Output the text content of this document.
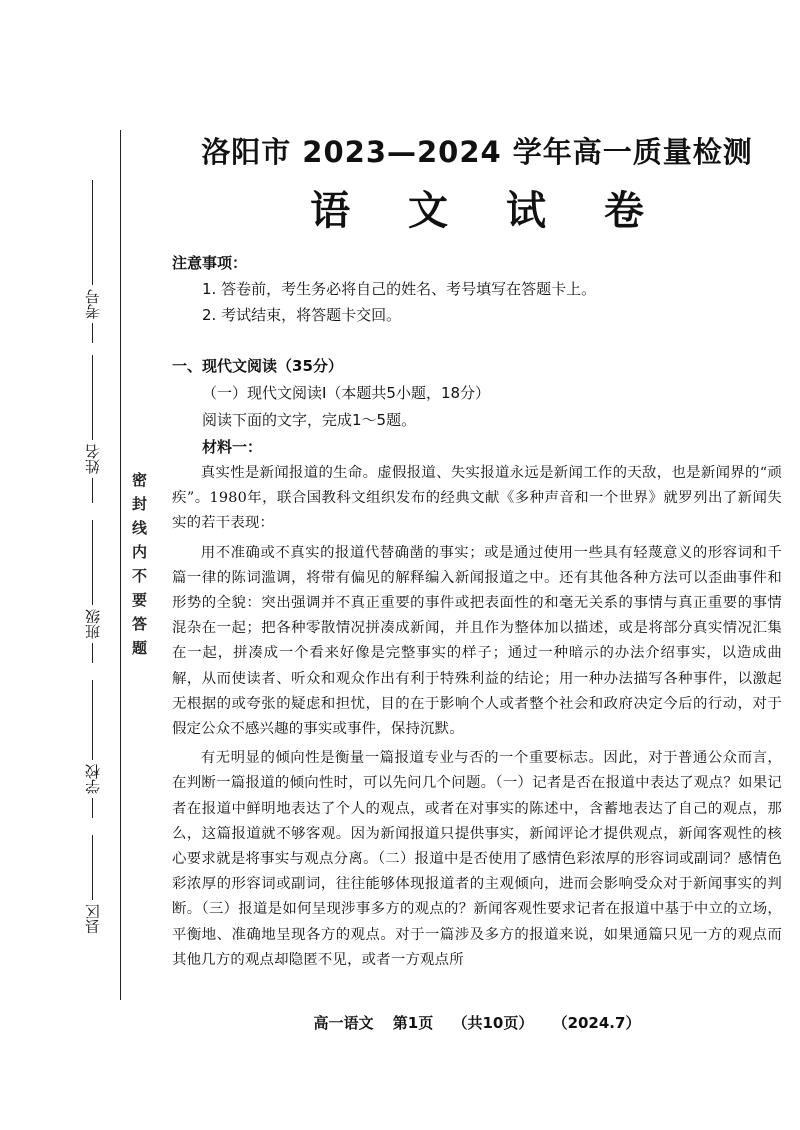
考号
姓名
班级
学校
县区
密封线内不要答题
洛阳市 2023—2024 学年高一质量检测
语 文 试 卷
注意事项：
1. 答卷前，考生务必将自己的姓名、考号填写在答题卡上。
2. 考试结束，将答题卡交回。
一、现代文阅读（35分）
（一）现代文阅读Ⅰ（本题共5小题，18分）
阅读下面的文字，完成1～5题。
材料一：

真实性是新闻报道的生命。虚假报道、失实报道永远是新闻工作的天敌，也是新闻界的“顽疾”。1980年，联合国教科文组织发布的经典文献《多种声音和一个世界》就罗列出了新闻失实的若干表现：

用不准确或不真实的报道代替确凿的事实；或是通过使用一些具有轻蔑意义的形容词和千篇一律的陈词滥调，将带有偏见的解释编入新闻报道之中。还有其他各种方法可以歪曲事件和形势的全貌：突出强调并不真正重要的事件或把表面性的和毫无关系的事情与真正重要的事情混杂在一起；把各种零散情况拼凑成新闻，并且作为整体加以描述，或是将部分真实情况汇集在一起，拼凑成一个看来好像是完整事实的样子；通过一种暗示的办法介绍事实，以造成曲解，从而使读者、听众和观众作出有利于特殊利益的结论；用一种办法描写各种事件，以激起无根据的或夸张的疑虑和担忧，目的在于影响个人或者整个社会和政府决定今后的行动，对于假定公众不感兴趣的事实或事件，保持沉默。

有无明显的倾向性是衡量一篇报道专业与否的一个重要标志。因此，对于普通公众而言，在判断一篇报道的倾向性时，可以先问几个问题。（一）记者是否在报道中表达了观点？如果记者在报道中鲜明地表达了个人的观点，或者在对事实的陈述中，含蓄地表达了自己的观点，那么，这篇报道就不够客观。因为新闻报道只提供事实，新闻评论才提供观点，新闻客观性的核心要求就是将事实与观点分离。（二）报道中是否使用了感情色彩浓厚的形容词或副词？感情色彩浓厚的形容词或副词，往往能够体现报道者的主观倾向，进而会影响受众对于新闻事实的判断。（三）报道是如何呈现涉事多方的观点的？新闻客观性要求记者在报道中基于中立的立场，平衡地、准确地呈现各方的观点。对于一篇涉及多方的报道来说，如果通篇只见一方的观点而其他几方的观点却隐匿不见，或者一方观点所

高一语文 第1页 （共10页） （2024.7）
